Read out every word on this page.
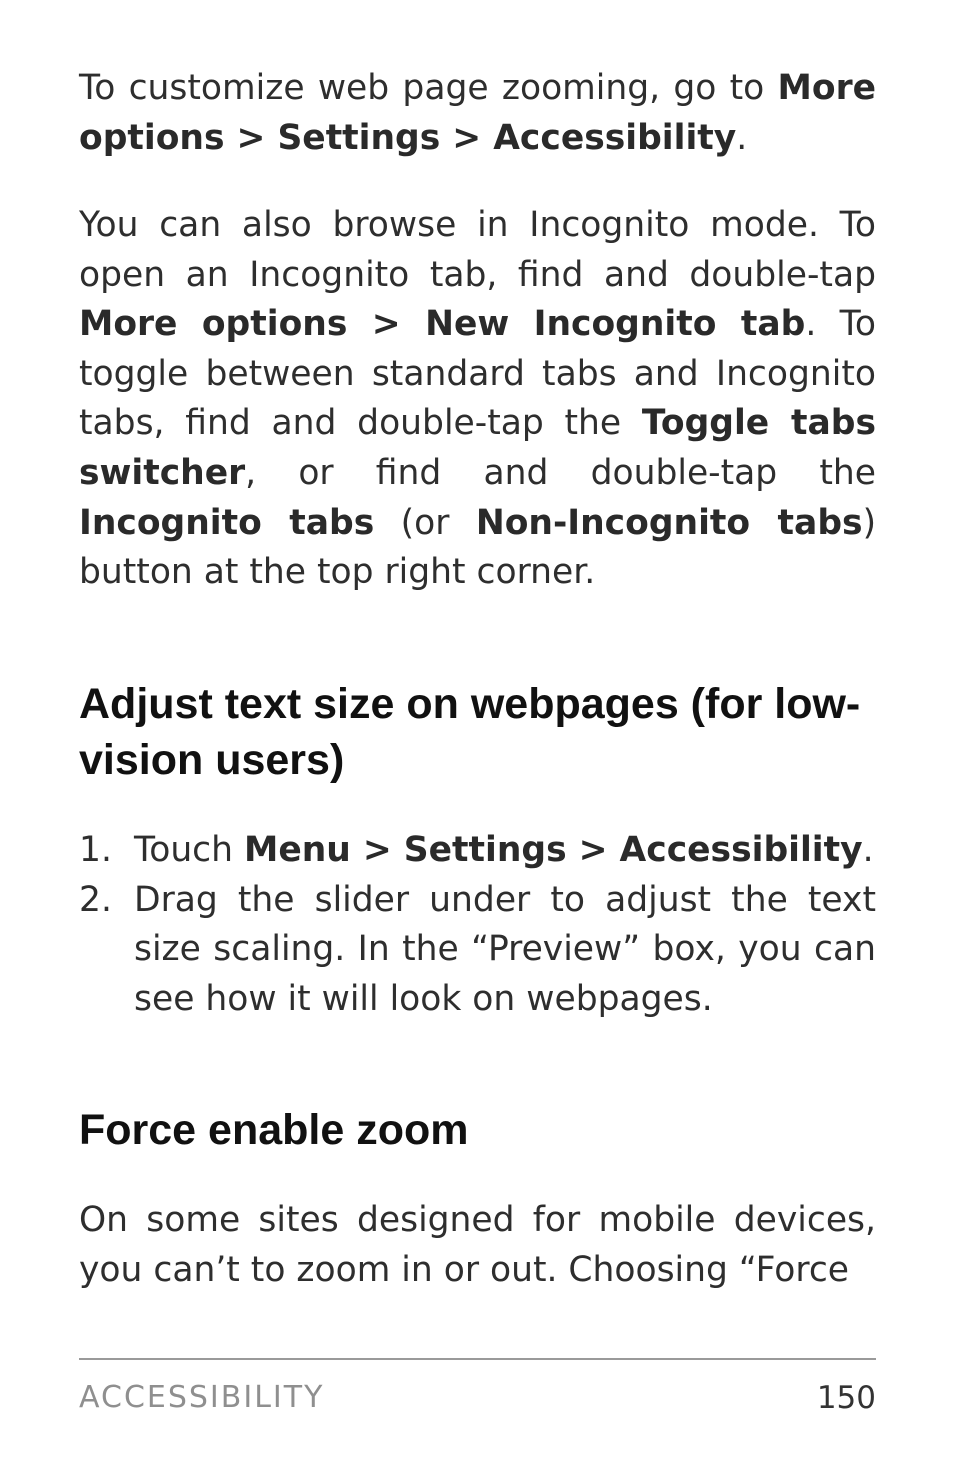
To customize web page zooming, go to More options > Settings > Accessibility.

You can also browse in Incognito mode. To open an Incognito tab, find and double-tap More options > New Incognito tab. To toggle between standard tabs and Incognito tabs, find and double-tap the Toggle tabs switcher, or find and double-tap the Incognito tabs (or Non-Incognito tabs) button at the top right corner.

Adjust text size on webpages (for low-vision users)
1. Touch Menu > Settings > Accessibility.
2. Drag the slider under to adjust the text size scaling. In the “Preview” box, you can see how it will look on webpages.
Force enable zoom

On some sites designed for mobile devices, you can’t to zoom in or out. Choosing “Force

ACCESSIBILITY	150
